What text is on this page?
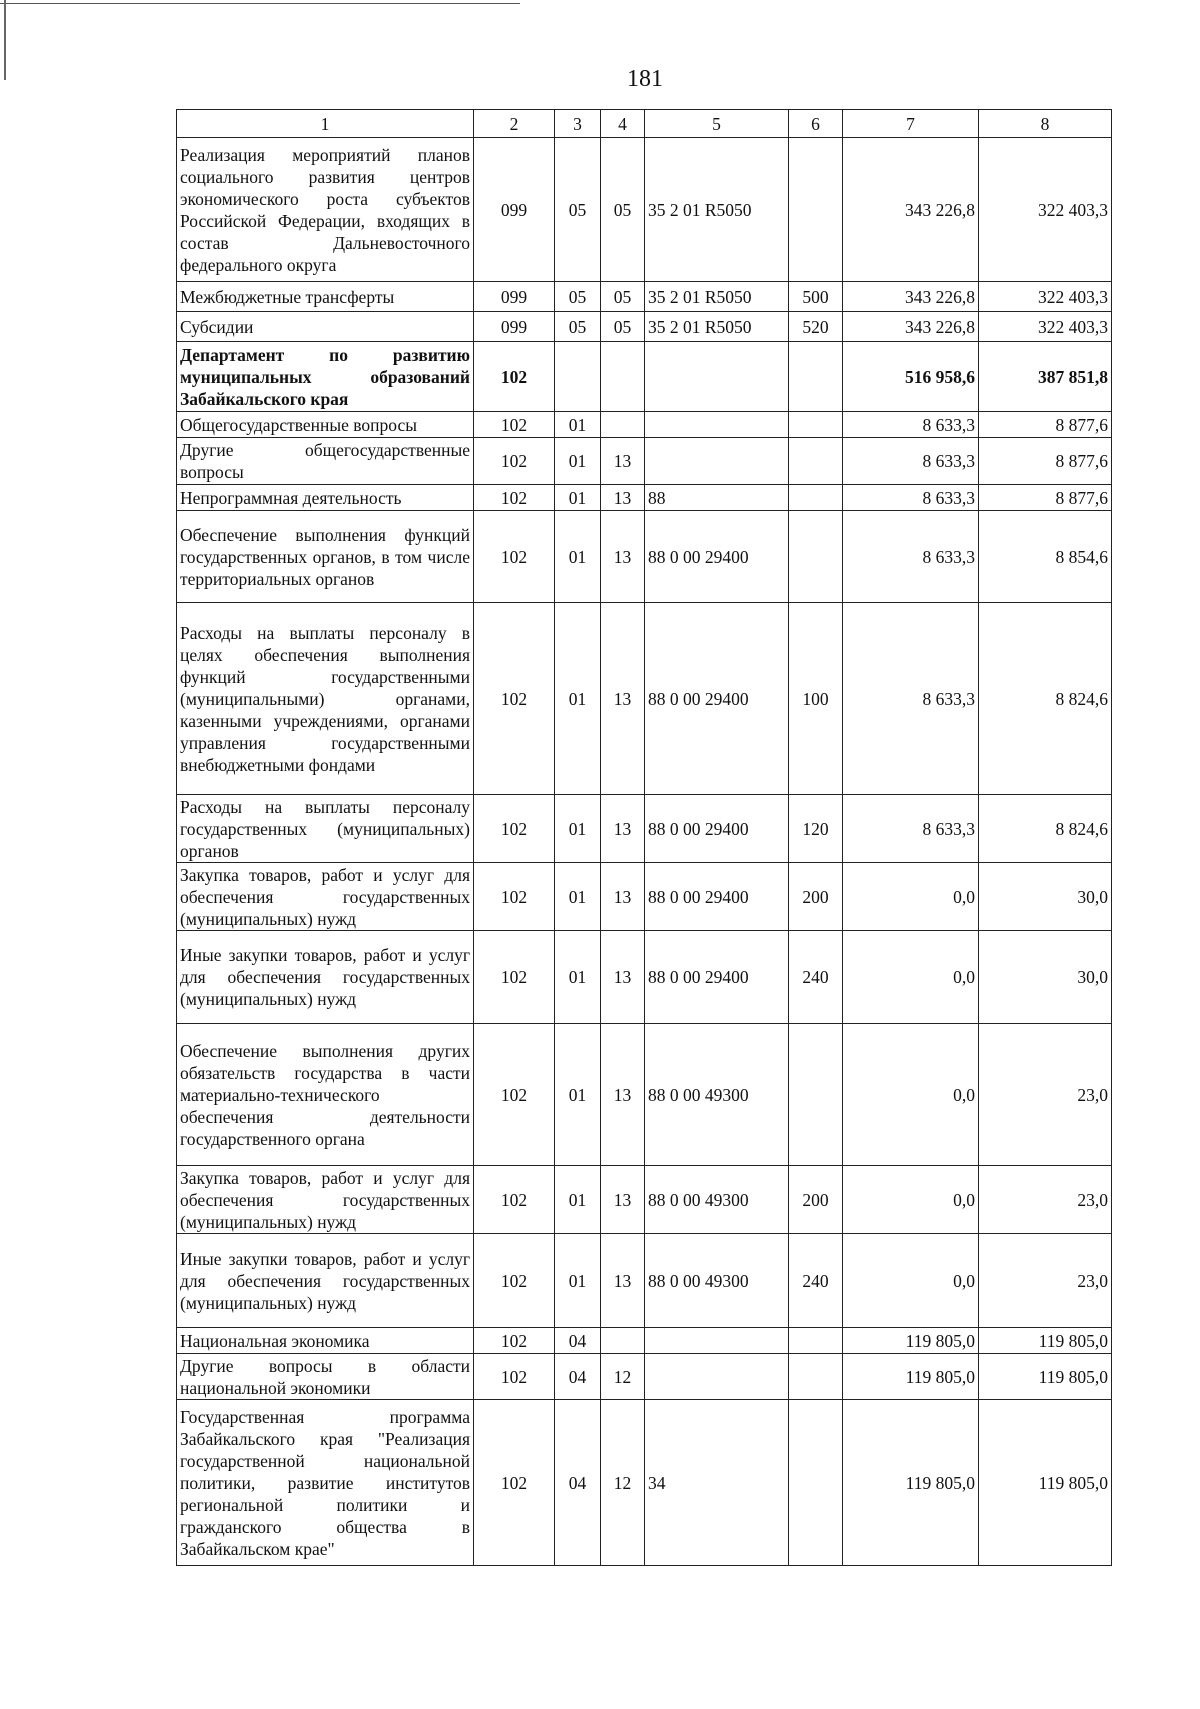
181
1	2	3	4	5	6	7	8
Реализация мероприятий планов социального развития центров экономического роста субъектов Российской Федерации, входящих в состав Дальневосточного федерального округа	099	05	05	35 2 01 R5050		343 226,8	322 403,3
Межбюджетные трансферты	099	05	05	35 2 01 R5050	500	343 226,8	322 403,3
Субсидии	099	05	05	35 2 01 R5050	520	343 226,8	322 403,3
Департамент по развитию муниципальных образований Забайкальского края	102					516 958,6	387 851,8
Общегосударственные вопросы	102	01				8 633,3	8 877,6
Другие общегосударственные вопросы	102	01	13			8 633,3	8 877,6
Непрограммная деятельность	102	01	13	88		8 633,3	8 877,6
Обеспечение выполнения функций государственных органов, в том числе территориальных органов	102	01	13	88 0 00 29400		8 633,3	8 854,6
Расходы на выплаты персоналу в целях обеспечения выполнения функций государственными (муниципальными) органами, казенными учреждениями, органами управления государственными внебюджетными фондами	102	01	13	88 0 00 29400	100	8 633,3	8 824,6
Расходы на выплаты персоналу государственных (муниципальных) органов	102	01	13	88 0 00 29400	120	8 633,3	8 824,6
Закупка товаров, работ и услуг для обеспечения государственных (муниципальных) нужд	102	01	13	88 0 00 29400	200	0,0	30,0
Иные закупки товаров, работ и услуг для обеспечения государственных (муниципальных) нужд	102	01	13	88 0 00 29400	240	0,0	30,0
Обеспечение выполнения других обязательств государства в части материально-технического обеспечения деятельности государственного органа	102	01	13	88 0 00 49300		0,0	23,0
Закупка товаров, работ и услуг для обеспечения государственных (муниципальных) нужд	102	01	13	88 0 00 49300	200	0,0	23,0
Иные закупки товаров, работ и услуг для обеспечения государственных (муниципальных) нужд	102	01	13	88 0 00 49300	240	0,0	23,0
Национальная экономика	102	04				119 805,0	119 805,0
Другие вопросы в области национальной экономики	102	04	12			119 805,0	119 805,0
Государственная программа Забайкальского края "Реализация государственной национальной политики, развитие институтов региональной политики и гражданского общества в Забайкальском крае"	102	04	12	34		119 805,0	119 805,0
